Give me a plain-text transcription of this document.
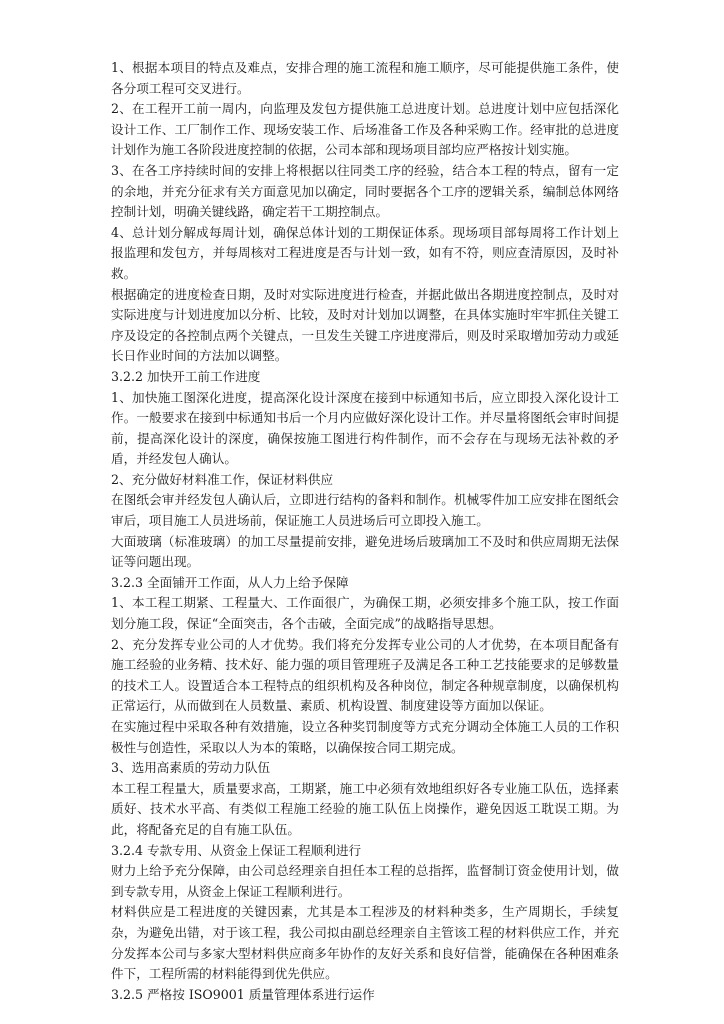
1、根据本项目的特点及难点，安排合理的施工流程和施工顺序，尽可能提供施工条件，使各分项工程可交叉进行。

2、在工程开工前一周内，向监理及发包方提供施工总进度计划。总进度计划中应包括深化设计工作、工厂制作工作、现场安装工作、后场准备工作及各种采购工作。经审批的总进度计划作为施工各阶段进度控制的依据，公司本部和现场项目部均应严格按计划实施。

3、在各工序持续时间的安排上将根据以往同类工序的经验，结合本工程的特点，留有一定的余地，并充分征求有关方面意见加以确定，同时要据各个工序的逻辑关系，编制总体网络控制计划，明确关键线路，确定若干工期控制点。

4、总计划分解成每周计划，确保总体计划的工期保证体系。现场项目部每周将工作计划上报监理和发包方，并每周核对工程进度是否与计划一致，如有不符，则应查清原因，及时补救。

根据确定的进度检查日期，及时对实际进度进行检查，并据此做出各期进度控制点，及时对实际进度与计划进度加以分析、比较，及时对计划加以调整，在具体实施时牢牢抓住关键工序及设定的各控制点两个关键点，一旦发生关键工序进度滞后，则及时采取增加劳动力或延长日作业时间的方法加以调整。

3.2.2 加快开工前工作进度

1、加快施工图深化进度，提高深化设计深度在接到中标通知书后，应立即投入深化设计工作。一般要求在接到中标通知书后一个月内应做好深化设计工作。并尽量将图纸会审时间提前，提高深化设计的深度，确保按施工图进行构件制作，而不会存在与现场无法补救的矛盾，并经发包人确认。

2、充分做好材料准工作，保证材料供应

在图纸会审并经发包人确认后，立即进行结构的备料和制作。机械零件加工应安排在图纸会审后，项目施工人员进场前，保证施工人员进场后可立即投入施工。

大面玻璃（标准玻璃）的加工尽量提前安排，避免进场后玻璃加工不及时和供应周期无法保证等问题出现。

3.2.3 全面铺开工作面，从人力上给予保障

1、本工程工期紧、工程量大、工作面很广，为确保工期，必须安排多个施工队，按工作面划分施工段，保证“全面突击，各个击破，全面完成”的战略指导思想。

2、充分发挥专业公司的人才优势。我们将充分发挥专业公司的人才优势，在本项目配备有施工经验的业务精、技术好、能力强的项目管理班子及满足各工种工艺技能要求的足够数量的技术工人。设置适合本工程特点的组织机构及各种岗位，制定各种规章制度，以确保机构正常运行，从而做到在人员数量、素质、机构设置、制度建设等方面加以保证。

在实施过程中采取各种有效措施，设立各种奖罚制度等方式充分调动全体施工人员的工作积极性与创造性，采取以人为本的策略，以确保按合同工期完成。

3、选用高素质的劳动力队伍

本工程工程量大，质量要求高，工期紧，施工中必须有效地组织好各专业施工队伍，选择素质好、技术水平高、有类似工程施工经验的施工队伍上岗操作，避免因返工耽误工期。为此，将配备充足的自有施工队伍。

3.2.4 专款专用、从资金上保证工程顺利进行

财力上给予充分保障，由公司总经理亲自担任本工程的总指挥，监督制订资金使用计划，做到专款专用，从资金上保证工程顺利进行。

材料供应是工程进度的关键因素，尤其是本工程涉及的材料种类多，生产周期长，手续复杂，为避免出错，对于该工程，我公司拟由副总经理亲自主管该工程的材料供应工作，并充分发挥本公司与多家大型材料供应商多年协作的友好关系和良好信誉，能确保在各种困难条件下，工程所需的材料能得到优先供应。

3.2.5 严格按 ISO9001 质量管理体系进行运作
